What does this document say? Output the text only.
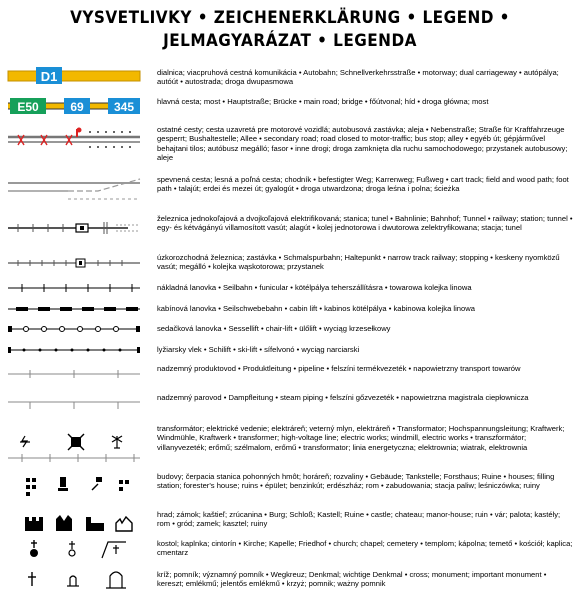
VYSVETLIVKY • ZEICHENERKLÄRUNG • LEGEND •
JELMAGYARÁZAT • LEGENDA
D1	dialnica; viacpruhová cestná komunikácia • Autobahn; Schnellverkehrsstraße • motorway; dual carriageway • autópálya; autóút • autostrada; droga dwupasmowa
E50	69	345	hlavná cesta; most • Hauptstraße; Brücke • main road; bridge • főútvonal; híd • droga główna; most
ostatné cesty; cesta uzavretá pre motorové vozidlá; autobusová zastávka; aleja • Nebenstraße; Straße für Kraftfahrzeuge gesperrt; Bushaltestelle; Allee • secondary road; road closed to motor-traffic; bus stop; alley • egyéb út; gépjárművel behajtani tilos; autóbusz megálló; fasor • inne drogi; droga zamknięta dla ruchu samochodowego; przystanek autobusowy; aleje
spevnená cesta; lesná a poľná cesta; chodník • befestigter Weg; Karrenweg; Fußweg • cart track; field and wood path; foot path • talajút; erdei és mezei út; gyalogút • droga utwardzona; droga leśna i polna; ścieżka
železnica jednokoľajová a dvojkoľajová elektrifikovaná; stanica; tunel • Bahnlinie; Bahnhof; Tunnel • railway; station; tunnel • egy- és kétvágányú villamosított vasút; alagút • kolej jednotorowa i dwutorowa zelektryfikowana; stacja; tunel
úzkorozchodná železnica; zastávka • Schmalspurbahn; Haltepunkt • narrow track railway; stopping • keskeny nyomközű vasút; megálló • kolejka wąskotorowa; przystanek
nákladná lanovka • Seilbahn • funicular • kötélpálya teherszállításra • towarowa kolejka linowa
kabínová lanovka • Seilschwebebahn • cabin lift • kabinos kötélpálya • kabinowa kolejka linowa
sedačková lanovka • Sessellift • chair-lift • ülőlift • wyciąg krzesełkowy
lyžiarsky vlek • Schilift • ski-lift • sífelvonó • wyciąg narciarski
nadzemný produktovod • Produktleitung • pipeline • felszíni termékvezeték • napowietrzny transport towarów
nadzemný parovod • Dampfleitung • steam piping • felszíni gőzvezeték • napowietrzna magistrala ciepłownicza
transformátor; elektrické vedenie; elektráreň; veterný mlyn, elektráreň • Transformator; Hochspannungsleitung; Kraftwerk; Windmühle, Kraftwerk • transformer; high-voltage line; electric works; windmill, electric works • transzformátor; villanyvezeték; erőmű; szélmalom, erőmű • transformator; linia energetyczna; elektrownia; wiatrak, elektrownia
budovy; čerpacia stanica pohonných hmôt; horáreň; rozvaliny • Gebäude; Tankstelle; Forsthaus; Ruine • houses; filling station; forester's house; ruins • épület; benzinkút; erdészház; rom • zabudowania; stacja paliw; leśniczówka; ruiny
hrad; zámok; kaštieľ; zrúcanina • Burg; Schloß; Kastell; Ruine • castle; chateau; manor-house; ruin • vár; palota; kastély; rom • gród; zamek; kasztel; ruiny
kostol; kaplnka; cintorín • Kirche; Kapelle; Friedhof • church; chapel; cemetery • templom; kápolna; temető • kościół; kaplica; cmentarz
kríž; pomník; významný pomník • Wegkreuz; Denkmal; wichtige Denkmal • cross; monument; important monument • kereszt; emlékmű; jelentős emlékmű • krzyż; pomnik; ważny pomnik
